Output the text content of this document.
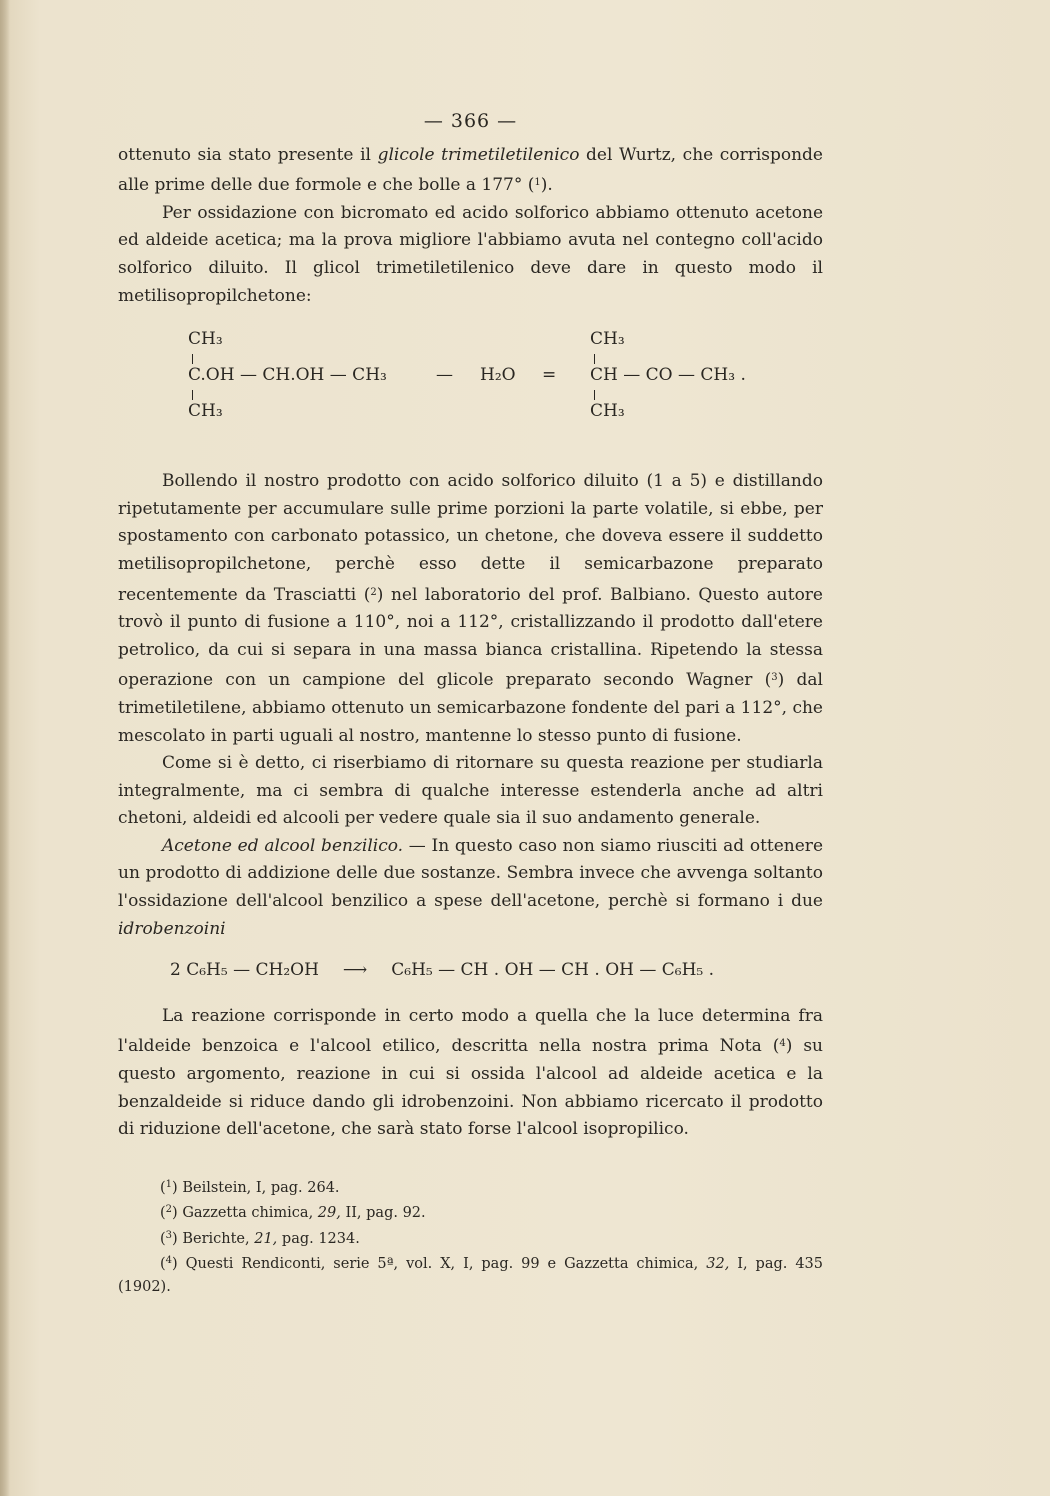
— 366 —

ottenuto sia stato presente il glicole trimetiletilenico del Wurtz, che corrisponde alle prime delle due formole e che bolle a 177° ($^1$).

Per ossidazione con bicromato ed acido solforico abbiamo ottenuto acetone ed aldeide acetica; ma la prova migliore l'abbiamo avuta nel contegno coll'acido solforico diluito. Il glicol trimetiletilenico deve dare in questo modo il metilisopropilchetone:

CH₃
C.OH — CH.OH — CH₃
CH₃
— H₂O =
CH₃
CH — CO — CH₃ .
CH₃

Bollendo il nostro prodotto con acido solforico diluito (1 a 5) e distillando ripetutamente per accumulare sulle prime porzioni la parte volatile, si ebbe, per spostamento con carbonato potassico, un chetone, che doveva essere il suddetto metilisopropilchetone, perchè esso dette il semicarbazone preparato recentemente da Trasciatti ($^2$) nel laboratorio del prof. Balbiano. Questo autore trovò il punto di fusione a 110°, noi a 112°, cristallizzando il prodotto dall'etere petrolico, da cui si separa in una massa bianca cristallina. Ripetendo la stessa operazione con un campione del glicole preparato secondo Wagner ($^3$) dal trimetiletilene, abbiamo ottenuto un semicarbazone fondente del pari a 112°, che mescolato in parti uguali al nostro, mantenne lo stesso punto di fusione.

Come si è detto, ci riserbiamo di ritornare su questa reazione per studiarla integralmente, ma ci sembra di qualche interesse estenderla anche ad altri chetoni, aldeidi ed alcooli per vedere quale sia il suo andamento generale.

Acetone ed alcool benzilico. — In questo caso non siamo riusciti ad ottenere un prodotto di addizione delle due sostanze. Sembra invece che avvenga soltanto l'ossidazione dell'alcool benzilico a spese dell'acetone, perchè si formano i due idrobenzoini

2 C₆H₅ — CH₂OH ⟶ C₆H₅ — CH . OH — CH . OH — C₆H₅ .

La reazione corrisponde in certo modo a quella che la luce determina fra l'aldeide benzoica e l'alcool etilico, descritta nella nostra prima Nota ($^4$) su questo argomento, reazione in cui si ossida l'alcool ad aldeide acetica e la benzaldeide si riduce dando gli idrobenzoini. Non abbiamo ricercato il prodotto di riduzione dell'acetone, che sarà stato forse l'alcool isopropilico.

($^1$) Beilstein, I, pag. 264.
($^2$) Gazzetta chimica, 29, II, pag. 92.
($^3$) Berichte, 21, pag. 1234.
($^4$) Questi Rendiconti, serie 5ª, vol. X, I, pag. 99 e Gazzetta chimica, 32, I, pag. 435 (1902).
